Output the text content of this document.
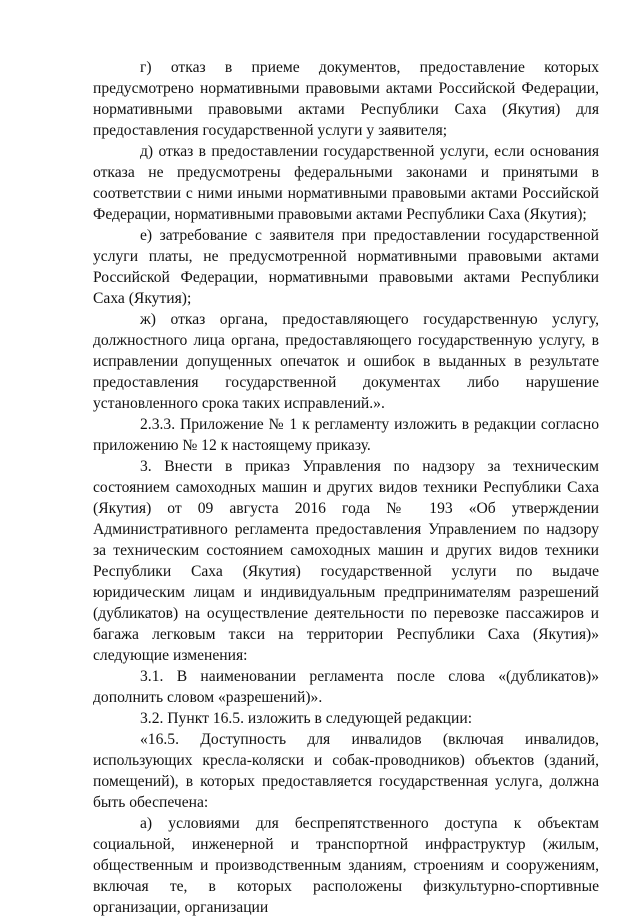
г) отказ в приеме документов, предоставление которых предусмотрено нормативными правовыми актами Российской Федерации, нормативными правовыми актами Республики Саха (Якутия) для предоставления государственной услуги у заявителя;

д) отказ в предоставлении государственной услуги, если основания отказа не предусмотрены федеральными законами и принятыми в соответствии с ними иными нормативными правовыми актами Российской Федерации, нормативными правовыми актами Республики Саха (Якутия);

е) затребование с заявителя при предоставлении государственной услуги платы, не предусмотренной нормативными правовыми актами Российской Федерации, нормативными правовыми актами Республики Саха (Якутия);

ж) отказ органа, предоставляющего государственную услугу, должностного лица органа, предоставляющего государственную услугу, в исправлении допущенных опечаток и ошибок в выданных в результате предоставления государственной документах либо нарушение установленного срока таких исправлений.».

2.3.3. Приложение № 1 к регламенту изложить в редакции согласно приложению № 12 к настоящему приказу.

3. Внести в приказ Управления по надзору за техническим состоянием самоходных машин и других видов техники Республики Саха (Якутия) от 09 августа 2016 года № 193 «Об утверждении Административного регламента предоставления Управлением по надзору за техническим состоянием самоходных машин и других видов техники Республики Саха (Якутия) государственной услуги по выдаче юридическим лицам и индивидуальным предпринимателям разрешений (дубликатов) на осуществление деятельности по перевозке пассажиров и багажа легковым такси на территории Республики Саха (Якутия)» следующие изменения:

3.1. В наименовании регламента после слова «(дубликатов)» дополнить словом «разрешений)».

3.2. Пункт 16.5. изложить в следующей редакции:

«16.5. Доступность для инвалидов (включая инвалидов, использующих кресла-коляски и собак-проводников) объектов (зданий, помещений), в которых предоставляется государственная услуга, должна быть обеспечена:

а) условиями для беспрепятственного доступа к объектам социальной, инженерной и транспортной инфраструктур (жилым, общественным и производственным зданиям, строениям и сооружениям, включая те, в которых расположены физкультурно-спортивные организации, организации
